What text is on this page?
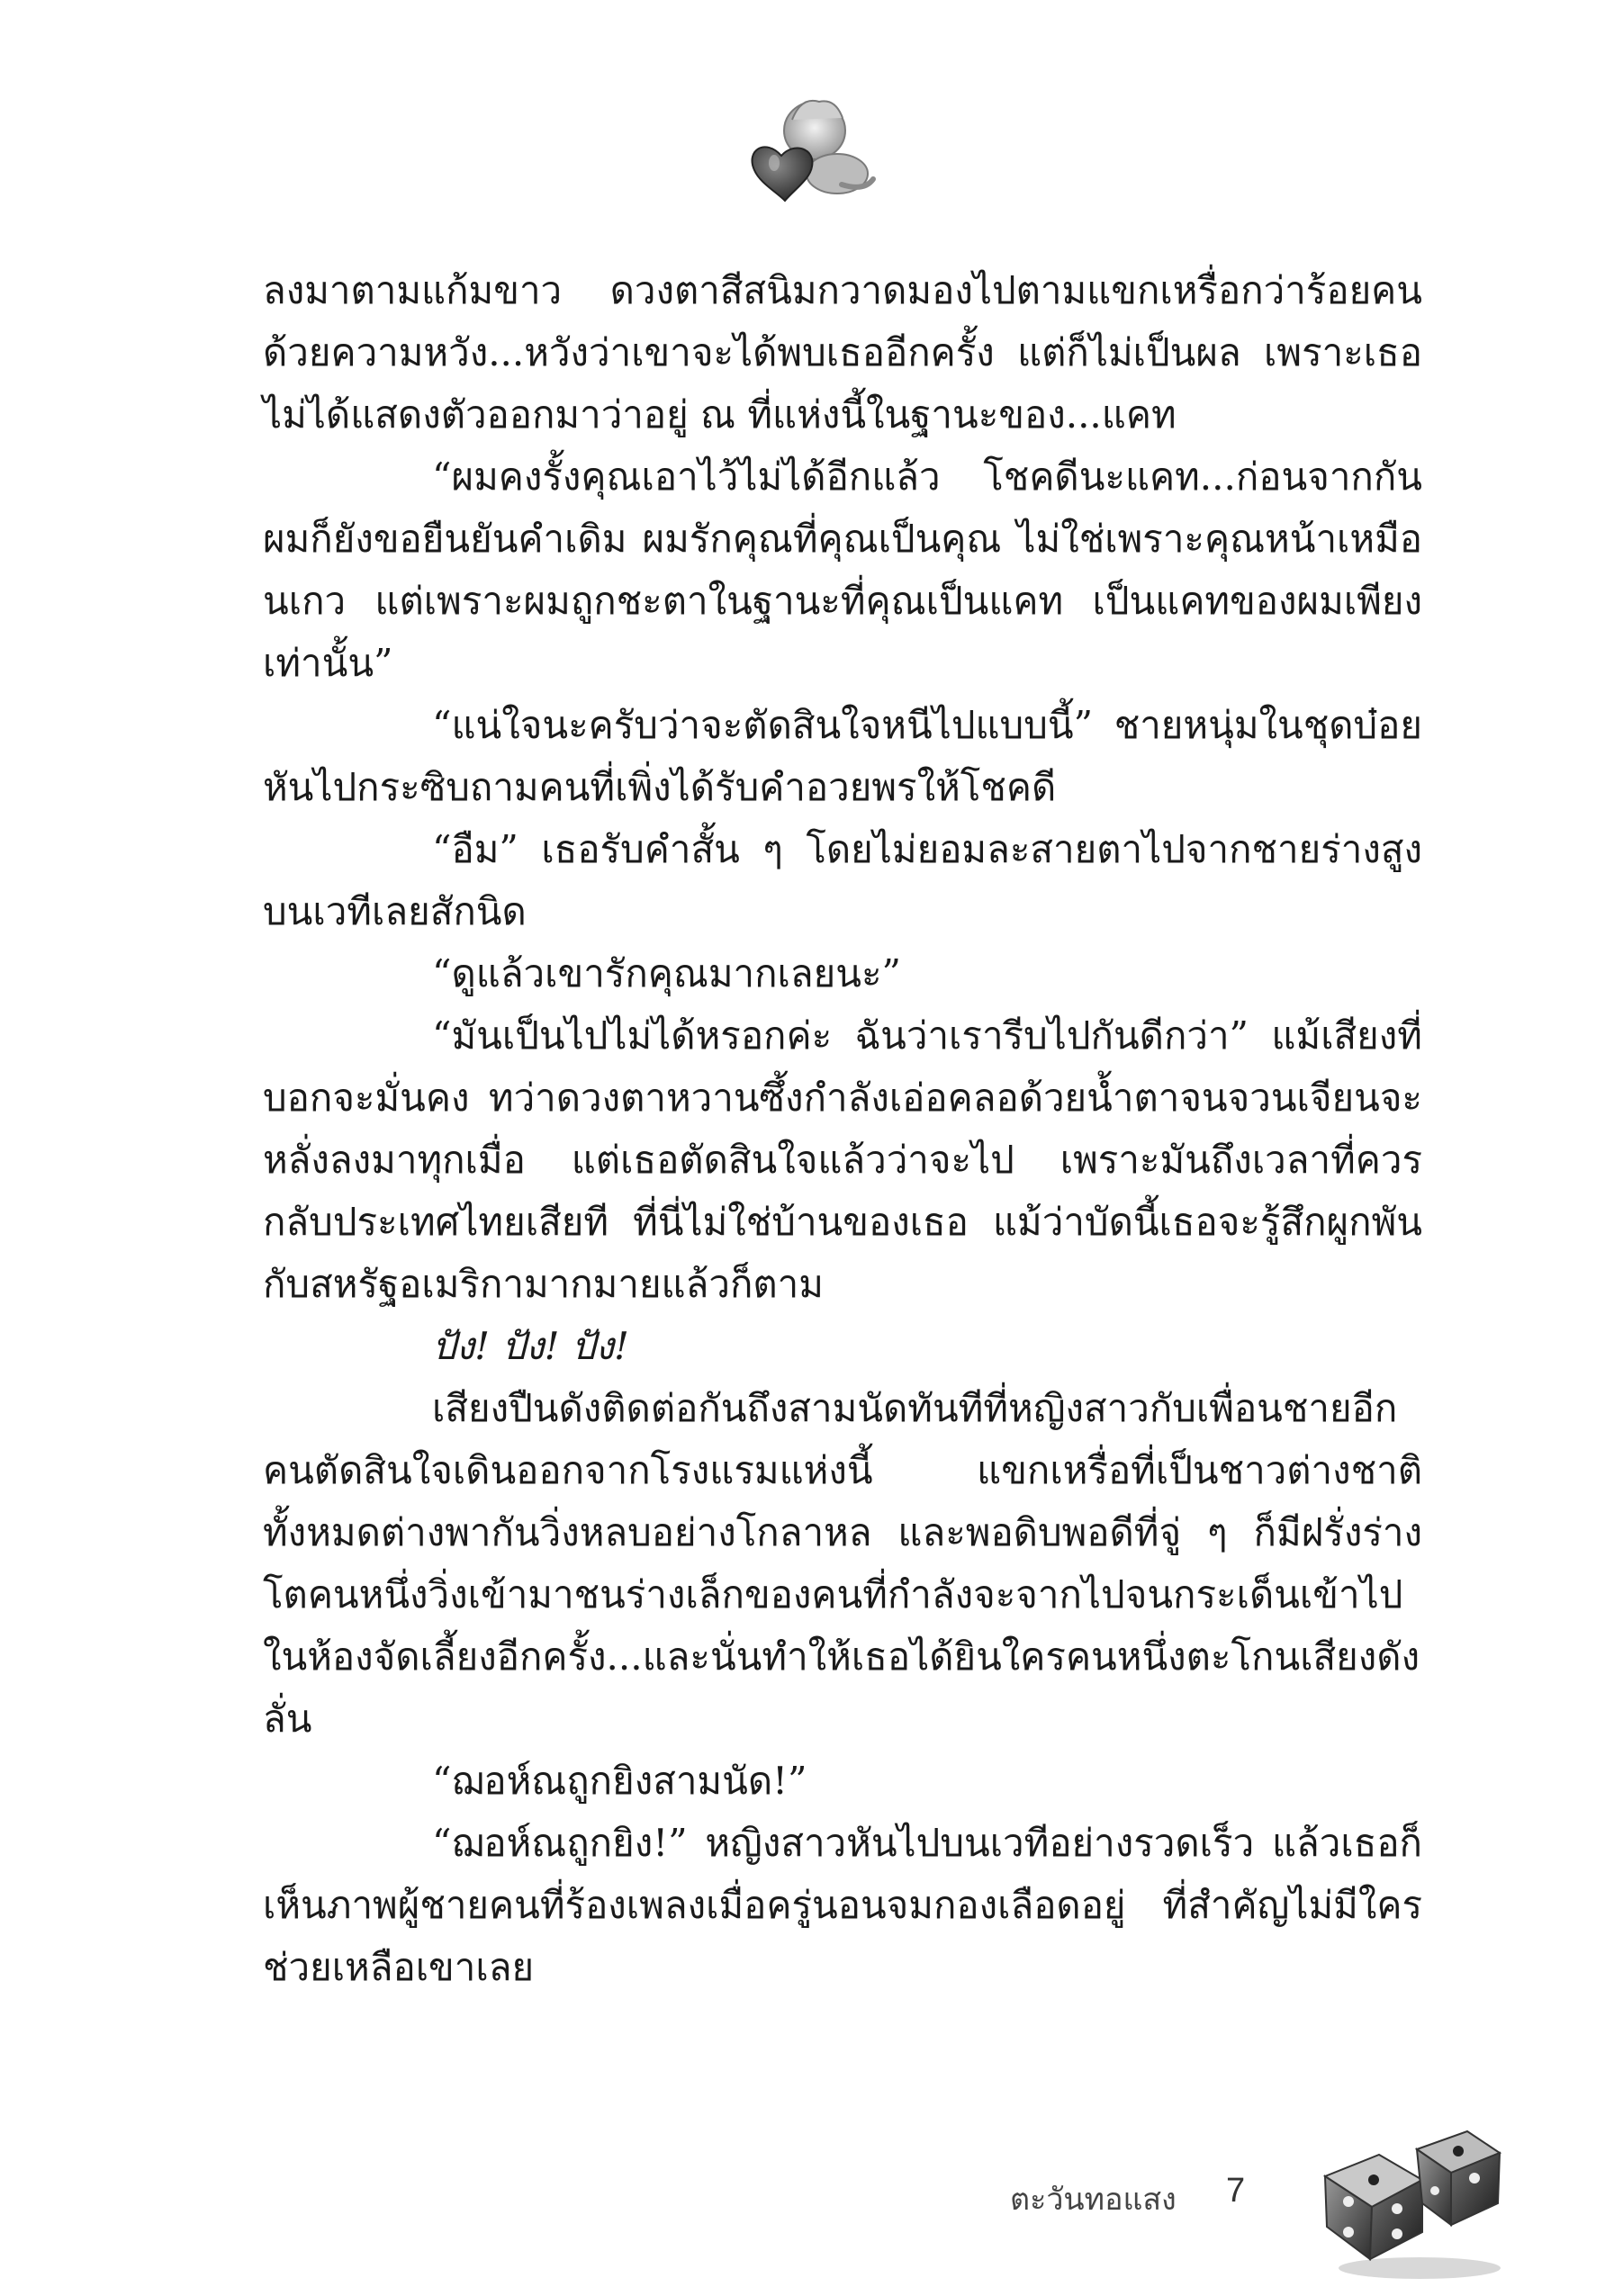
ลงมาตามแก้มขาว ดวงตาสีสนิมกวาดมองไปตามแขกเหรื่อกว่าร้อยคนด้วยความหวัง...หวังว่าเขาจะได้พบเธออีกครั้ง แต่ก็ไม่เป็นผล เพราะเธอไม่ได้แสดงตัวออกมาว่าอยู่ ณ ที่แห่งนี้ในฐานะของ...แคท

“ผมคงรั้งคุณเอาไว้ไม่ได้อีกแล้ว โชคดีนะแคท...ก่อนจากกันผมก็ยังขอยืนยันคำเดิม ผมรักคุณที่คุณเป็นคุณ ไม่ใช่เพราะคุณหน้าเหมือนเกว แต่เพราะผมถูกชะตาในฐานะที่คุณเป็นแคท เป็นแคทของผมเพียงเท่านั้น”

“แน่ใจนะครับว่าจะตัดสินใจหนีไปแบบนี้” ชายหนุ่มในชุดบ๋อยหันไปกระซิบถามคนที่เพิ่งได้รับคำอวยพรให้โชคดี

“อืม” เธอรับคำสั้น ๆ โดยไม่ยอมละสายตาไปจากชายร่างสูงบนเวทีเลยสักนิด

“ดูแล้วเขารักคุณมากเลยนะ”

“มันเป็นไปไม่ได้หรอกค่ะ ฉันว่าเรารีบไปกันดีกว่า” แม้เสียงที่บอกจะมั่นคง ทว่าดวงตาหวานซึ้งกำลังเอ่อคลอด้วยน้ำตาจนจวนเจียนจะหลั่งลงมาทุกเมื่อ แต่เธอตัดสินใจแล้วว่าจะไป เพราะมันถึงเวลาที่ควรกลับประเทศไทยเสียที ที่นี่ไม่ใช่บ้านของเธอ แม้ว่าบัดนี้เธอจะรู้สึกผูกพันกับสหรัฐอเมริกามากมายแล้วก็ตาม

ปัง! ปัง! ปัง!

เสียงปืนดังติดต่อกันถึงสามนัดทันทีที่หญิงสาวกับเพื่อนชายอีกคนตัดสินใจเดินออกจากโรงแรมแห่งนี้ แขกเหรื่อที่เป็นชาวต่างชาติทั้งหมดต่างพากันวิ่งหลบอย่างโกลาหล และพอดิบพอดีที่จู่ ๆ ก็มีฝรั่งร่างโตคนหนึ่งวิ่งเข้ามาชนร่างเล็กของคนที่กำลังจะจากไปจนกระเด็นเข้าไปในห้องจัดเลี้ยงอีกครั้ง...และนั่นทำให้เธอได้ยินใครคนหนึ่งตะโกนเสียงดังลั่น

“ฌอห์ณถูกยิงสามนัด!”

“ฌอห์ณถูกยิง!” หญิงสาวหันไปบนเวทีอย่างรวดเร็ว แล้วเธอก็เห็นภาพผู้ชายคนที่ร้องเพลงเมื่อครู่นอนจมกองเลือดอยู่ ที่สำคัญไม่มีใครช่วยเหลือเขาเลย

ตะวันทอแสง 7
